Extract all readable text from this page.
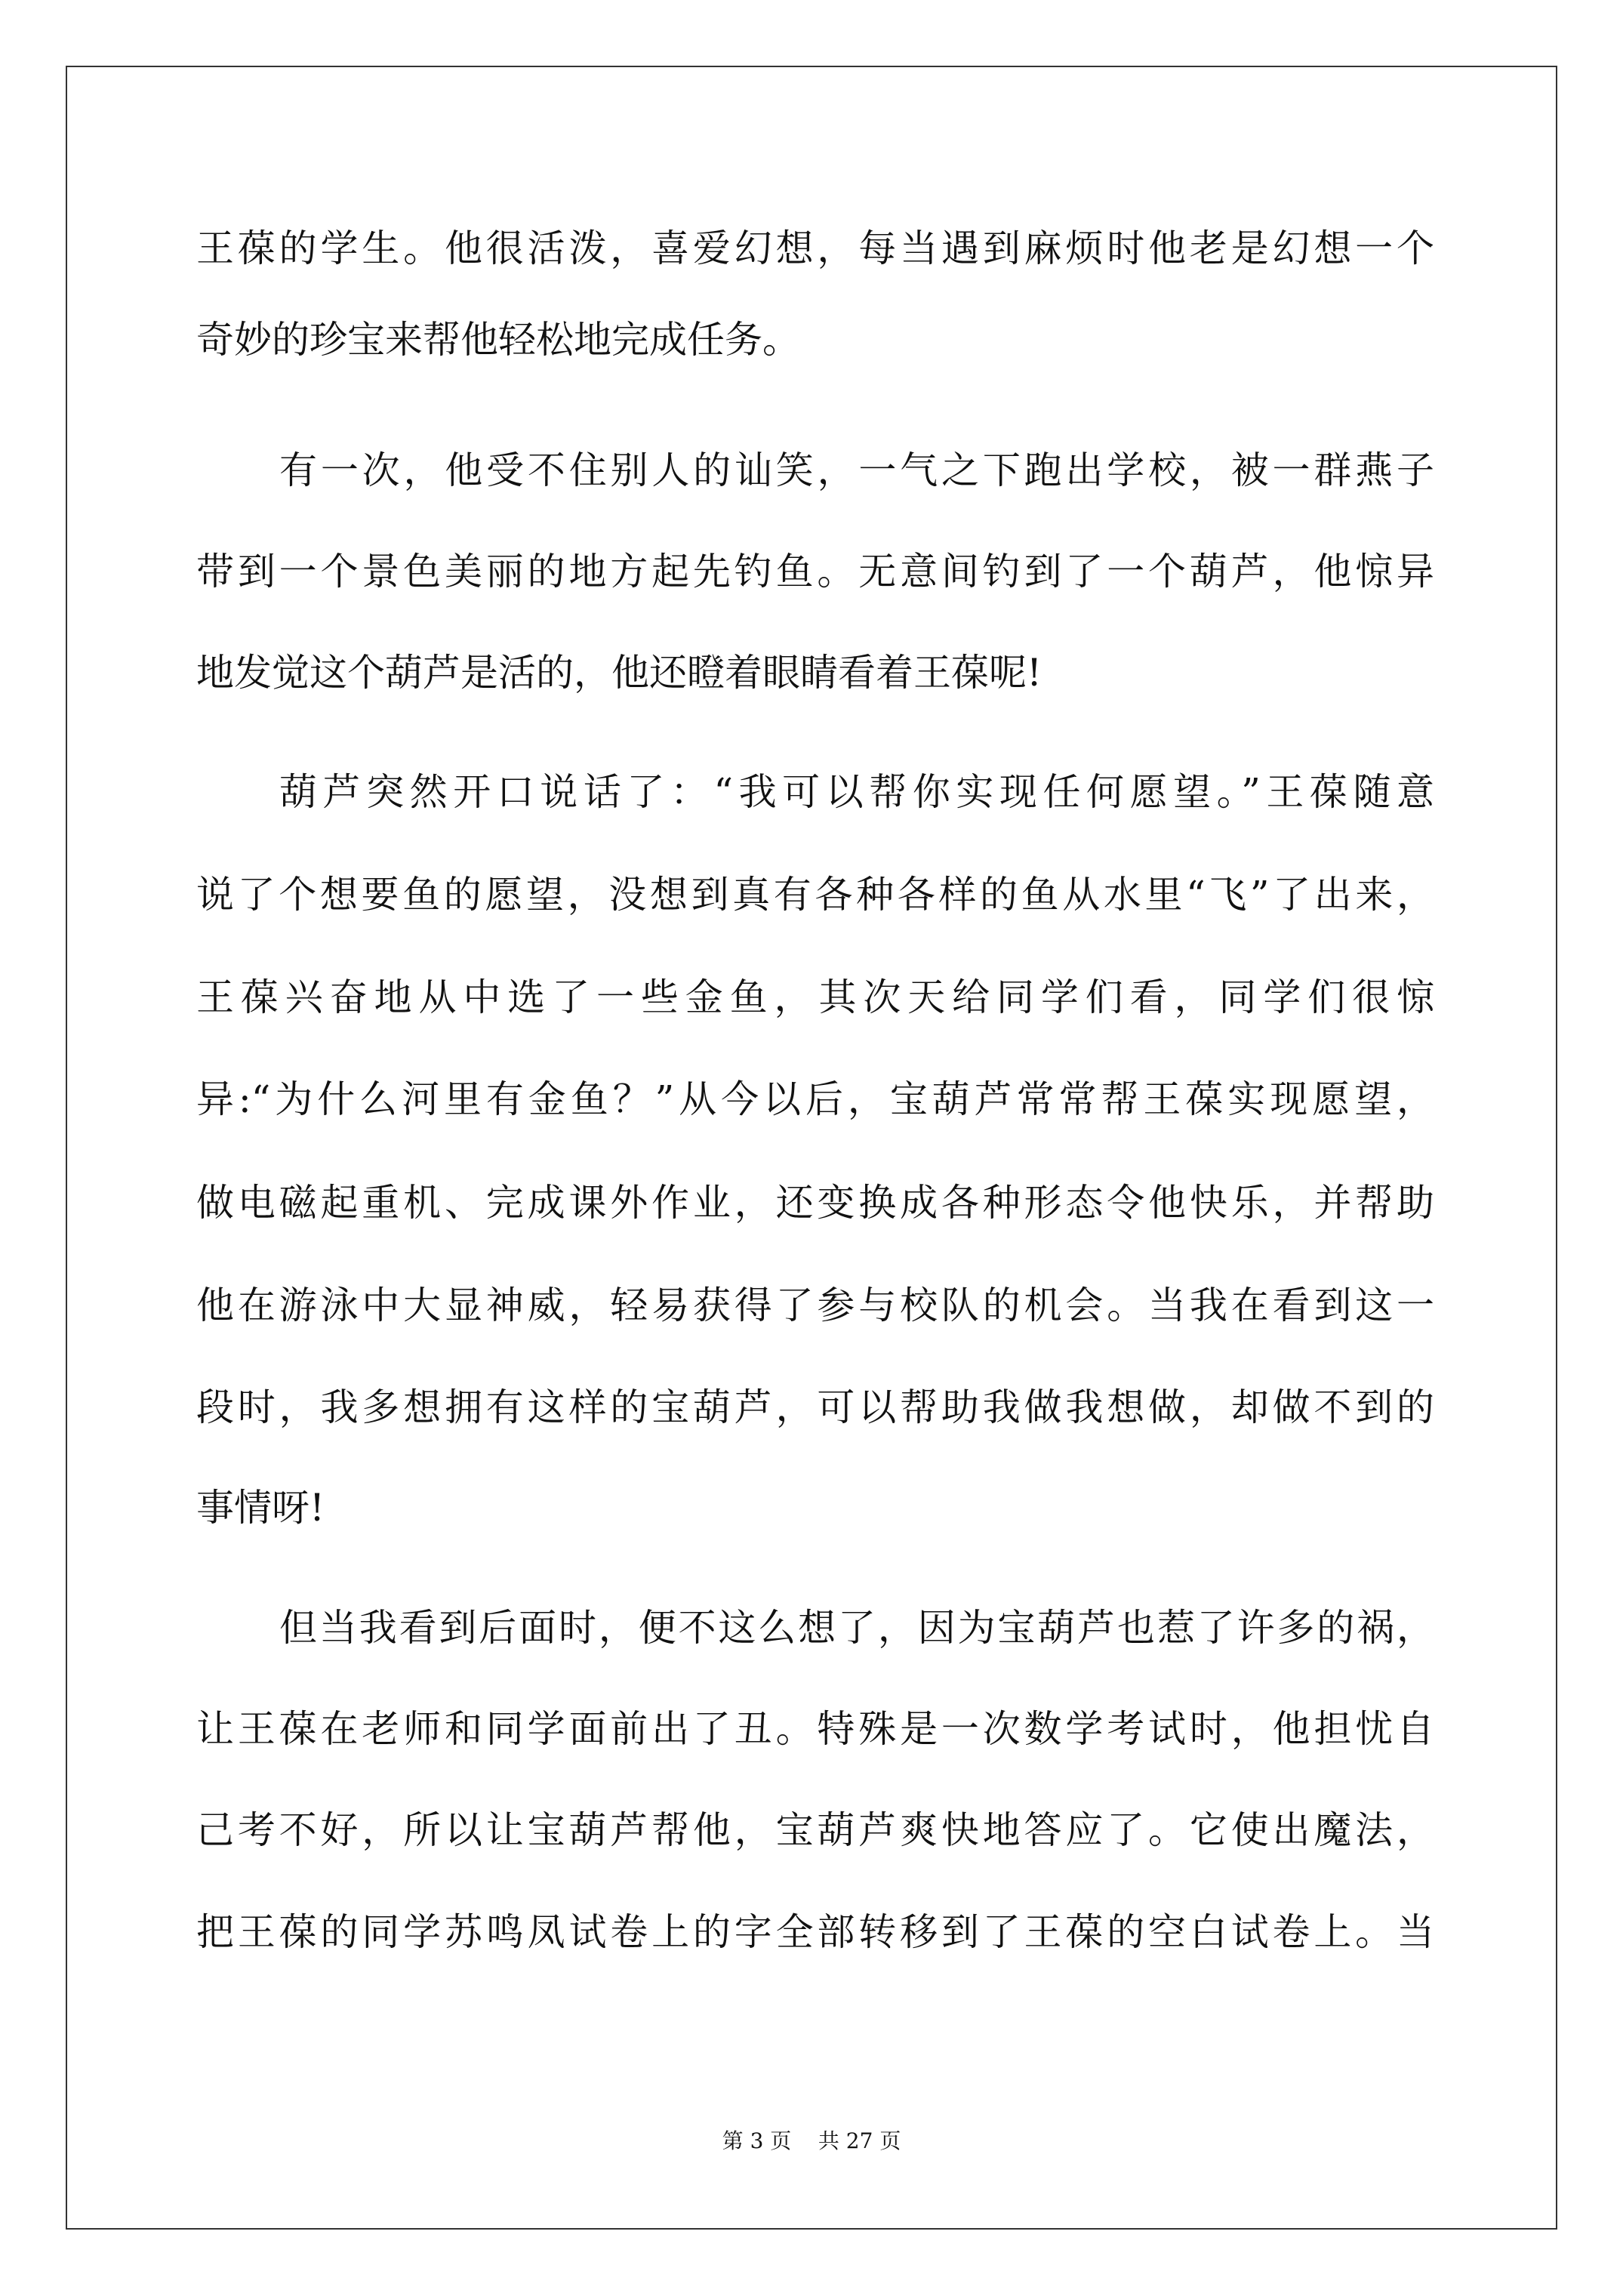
王葆的学生。他很活泼，喜爱幻想，每当遇到麻烦时他老是幻想一个
奇妙的珍宝来帮他轻松地完成任务。
有一次，他受不住别人的讪笑，一气之下跑出学校，被一群燕子
带到一个景色美丽的地方起先钓鱼。无意间钓到了一个葫芦，他惊异
地发觉这个葫芦是活的，他还瞪着眼睛看着王葆呢!
葫芦突然开口说话了：“我可以帮你实现任何愿望。”王葆随意
说了个想要鱼的愿望，没想到真有各种各样的鱼从水里“飞”了出来，
王葆兴奋地从中选了一些金鱼，其次天给同学们看，同学们很惊
异:“为什么河里有金鱼？”从今以后，宝葫芦常常帮王葆实现愿望，
做电磁起重机、完成课外作业，还变换成各种形态令他快乐，并帮助
他在游泳中大显神威，轻易获得了参与校队的机会。当我在看到这一
段时，我多想拥有这样的宝葫芦，可以帮助我做我想做，却做不到的
事情呀!
但当我看到后面时，便不这么想了，因为宝葫芦也惹了许多的祸，
让王葆在老师和同学面前出了丑。特殊是一次数学考试时，他担忧自
己考不好，所以让宝葫芦帮他，宝葫芦爽快地答应了。它使出魔法，
把王葆的同学苏鸣凤试卷上的字全部转移到了王葆的空白试卷上。当
第 3 页    共 27 页
